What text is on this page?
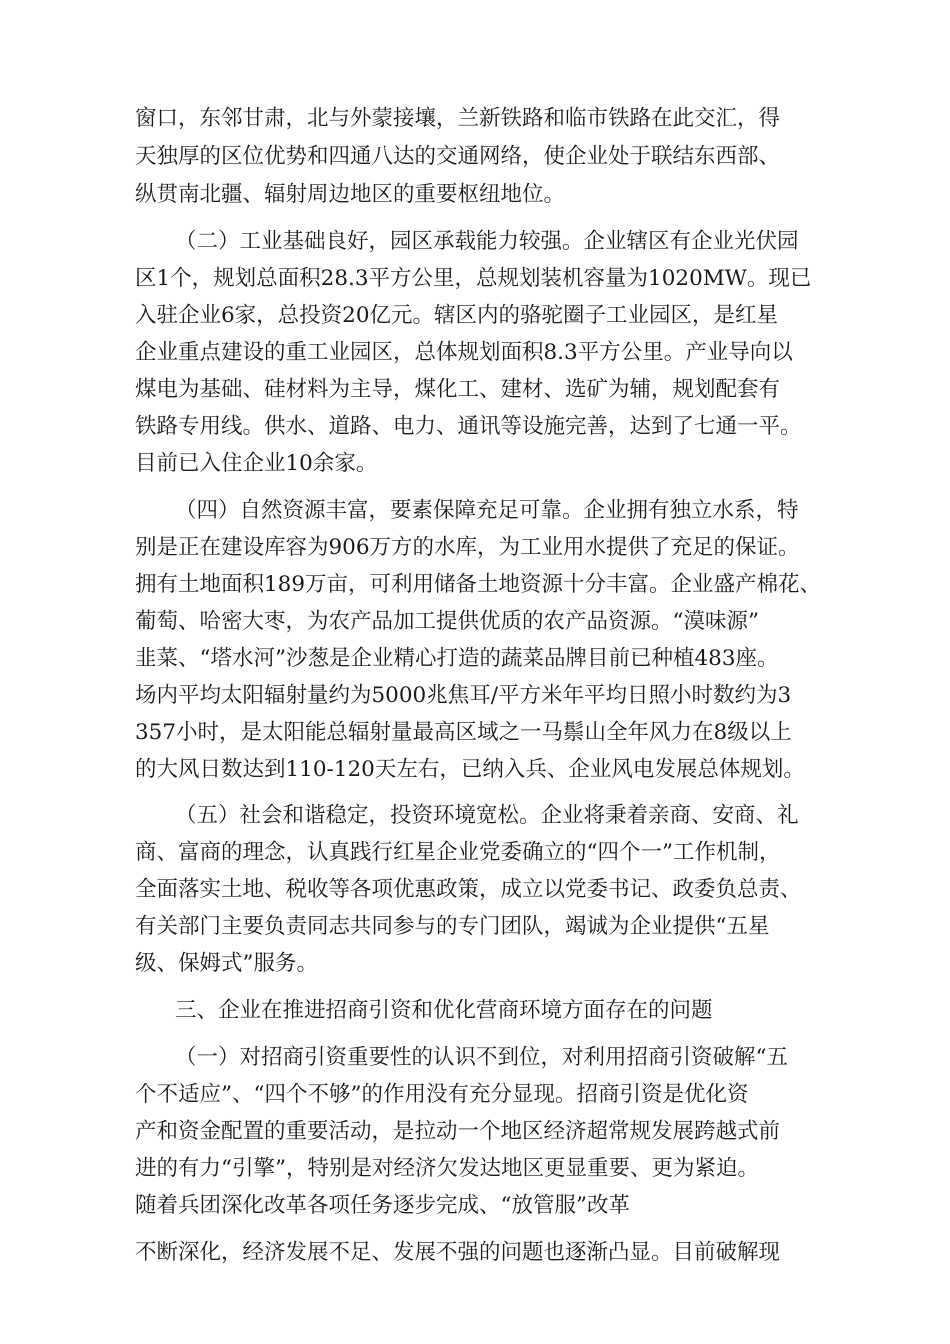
窗口，东邻甘肃，北与外蒙接壤，兰新铁路和临市铁路在此交汇，得
天独厚的区位优势和四通八达的交通网络，使企业处于联结东西部、
纵贯南北疆、辐射周边地区的重要枢纽地位。
（二）工业基础良好，园区承载能力较强。企业辖区有企业光伏园
区1个，规划总面积28.3平方公里，总规划装机容量为1020MW。现已
入驻企业6家，总投资20亿元。辖区内的骆驼圈子工业园区，是红星
企业重点建设的重工业园区，总体规划面积8.3平方公里。产业导向以
煤电为基础、硅材料为主导，煤化工、建材、选矿为辅，规划配套有
铁路专用线。供水、道路、电力、通讯等设施完善，达到了七通一平。
目前已入住企业10余家。
（四）自然资源丰富，要素保障充足可靠。企业拥有独立水系，特
别是正在建设库容为906万方的水库，为工业用水提供了充足的保证。
拥有土地面积189万亩，可利用储备土地资源十分丰富。企业盛产棉花、
葡萄、哈密大枣，为农产品加工提供优质的农产品资源。“漠味源”
韭菜、“塔水河”沙葱是企业精心打造的蔬菜品牌目前已种植483座。
场内平均太阳辐射量约为5000兆焦耳/平方米年平均日照小时数约为3
357小时，是太阳能总辐射量最高区域之一马鬃山全年风力在8级以上
的大风日数达到110-120天左右，已纳入兵、企业风电发展总体规划。
（五）社会和谐稳定，投资环境宽松。企业将秉着亲商、安商、礼
商、富商的理念，认真践行红星企业党委确立的“四个一”工作机制，
全面落实土地、税收等各项优惠政策，成立以党委书记、政委负总责、
有关部门主要负责同志共同参与的专门团队，竭诚为企业提供“五星
级、保姆式”服务。
三、企业在推进招商引资和优化营商环境方面存在的问题
（一）对招商引资重要性的认识不到位，对利用招商引资破解“五
个不适应”、“四个不够”的作用没有充分显现。招商引资是优化资
产和资金配置的重要活动，是拉动一个地区经济超常规发展跨越式前
进的有力“引擎”，特别是对经济欠发达地区更显重要、更为紧迫。
随着兵团深化改革各项任务逐步完成、“放管服”改革
不断深化，经济发展不足、发展不强的问题也逐渐凸显。目前破解现
